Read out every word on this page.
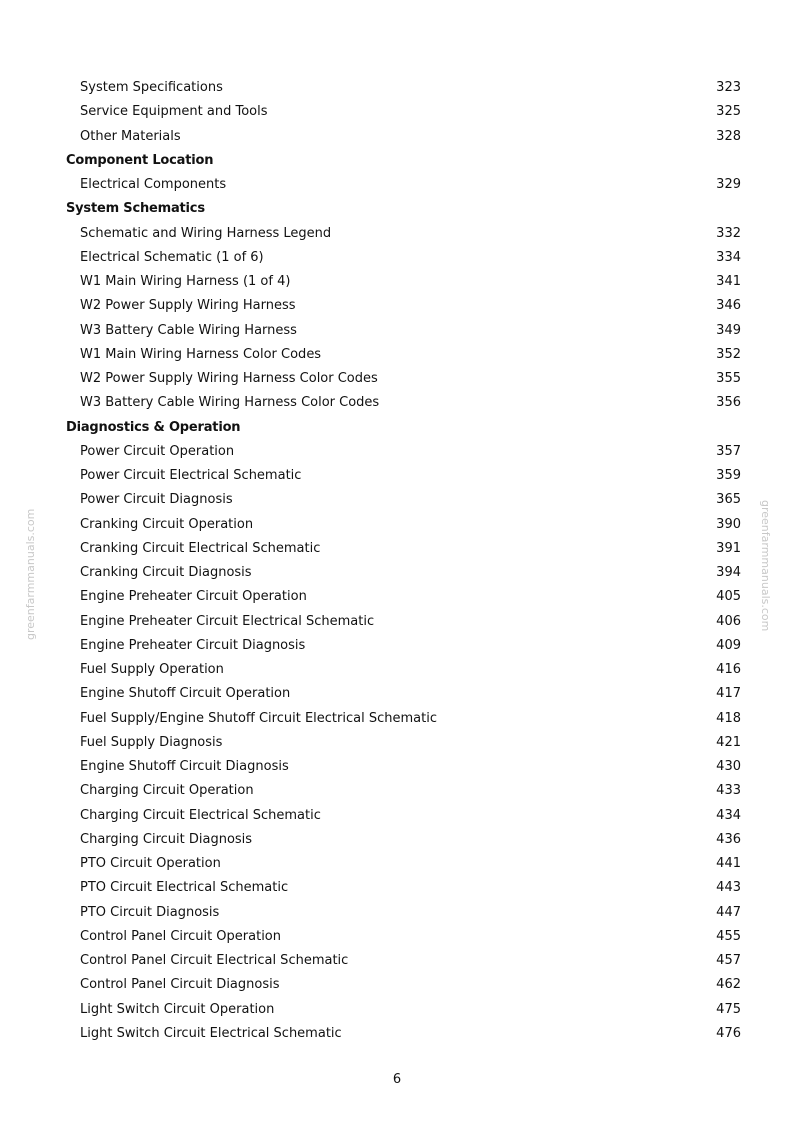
System Specifications	323
Service Equipment and Tools	325
Other Materials	328
Component Location
Electrical Components	329
System Schematics
Schematic and Wiring Harness Legend	332
Electrical Schematic (1 of 6)	334
W1 Main Wiring Harness (1 of 4)	341
W2 Power Supply Wiring Harness	346
W3 Battery Cable Wiring Harness	349
W1 Main Wiring Harness Color Codes	352
W2 Power Supply Wiring Harness Color Codes	355
W3 Battery Cable Wiring Harness Color Codes	356
Diagnostics & Operation
Power Circuit Operation	357
Power Circuit Electrical Schematic	359
Power Circuit Diagnosis	365
Cranking Circuit Operation	390
Cranking Circuit Electrical Schematic	391
Cranking Circuit Diagnosis	394
Engine Preheater Circuit Operation	405
Engine Preheater Circuit Electrical Schematic	406
Engine Preheater Circuit Diagnosis	409
Fuel Supply Operation	416
Engine Shutoff Circuit Operation	417
Fuel Supply/Engine Shutoff Circuit Electrical Schematic	418
Fuel Supply Diagnosis	421
Engine Shutoff Circuit Diagnosis	430
Charging Circuit Operation	433
Charging Circuit Electrical Schematic	434
Charging Circuit Diagnosis	436
PTO Circuit Operation	441
PTO Circuit Electrical Schematic	443
PTO Circuit Diagnosis	447
Control Panel Circuit Operation	455
Control Panel Circuit Electrical Schematic	457
Control Panel Circuit Diagnosis	462
Light Switch Circuit Operation	475
Light Switch Circuit Electrical Schematic	476
6
greenfarmmanuals.com	greenfarmmanuals.com
